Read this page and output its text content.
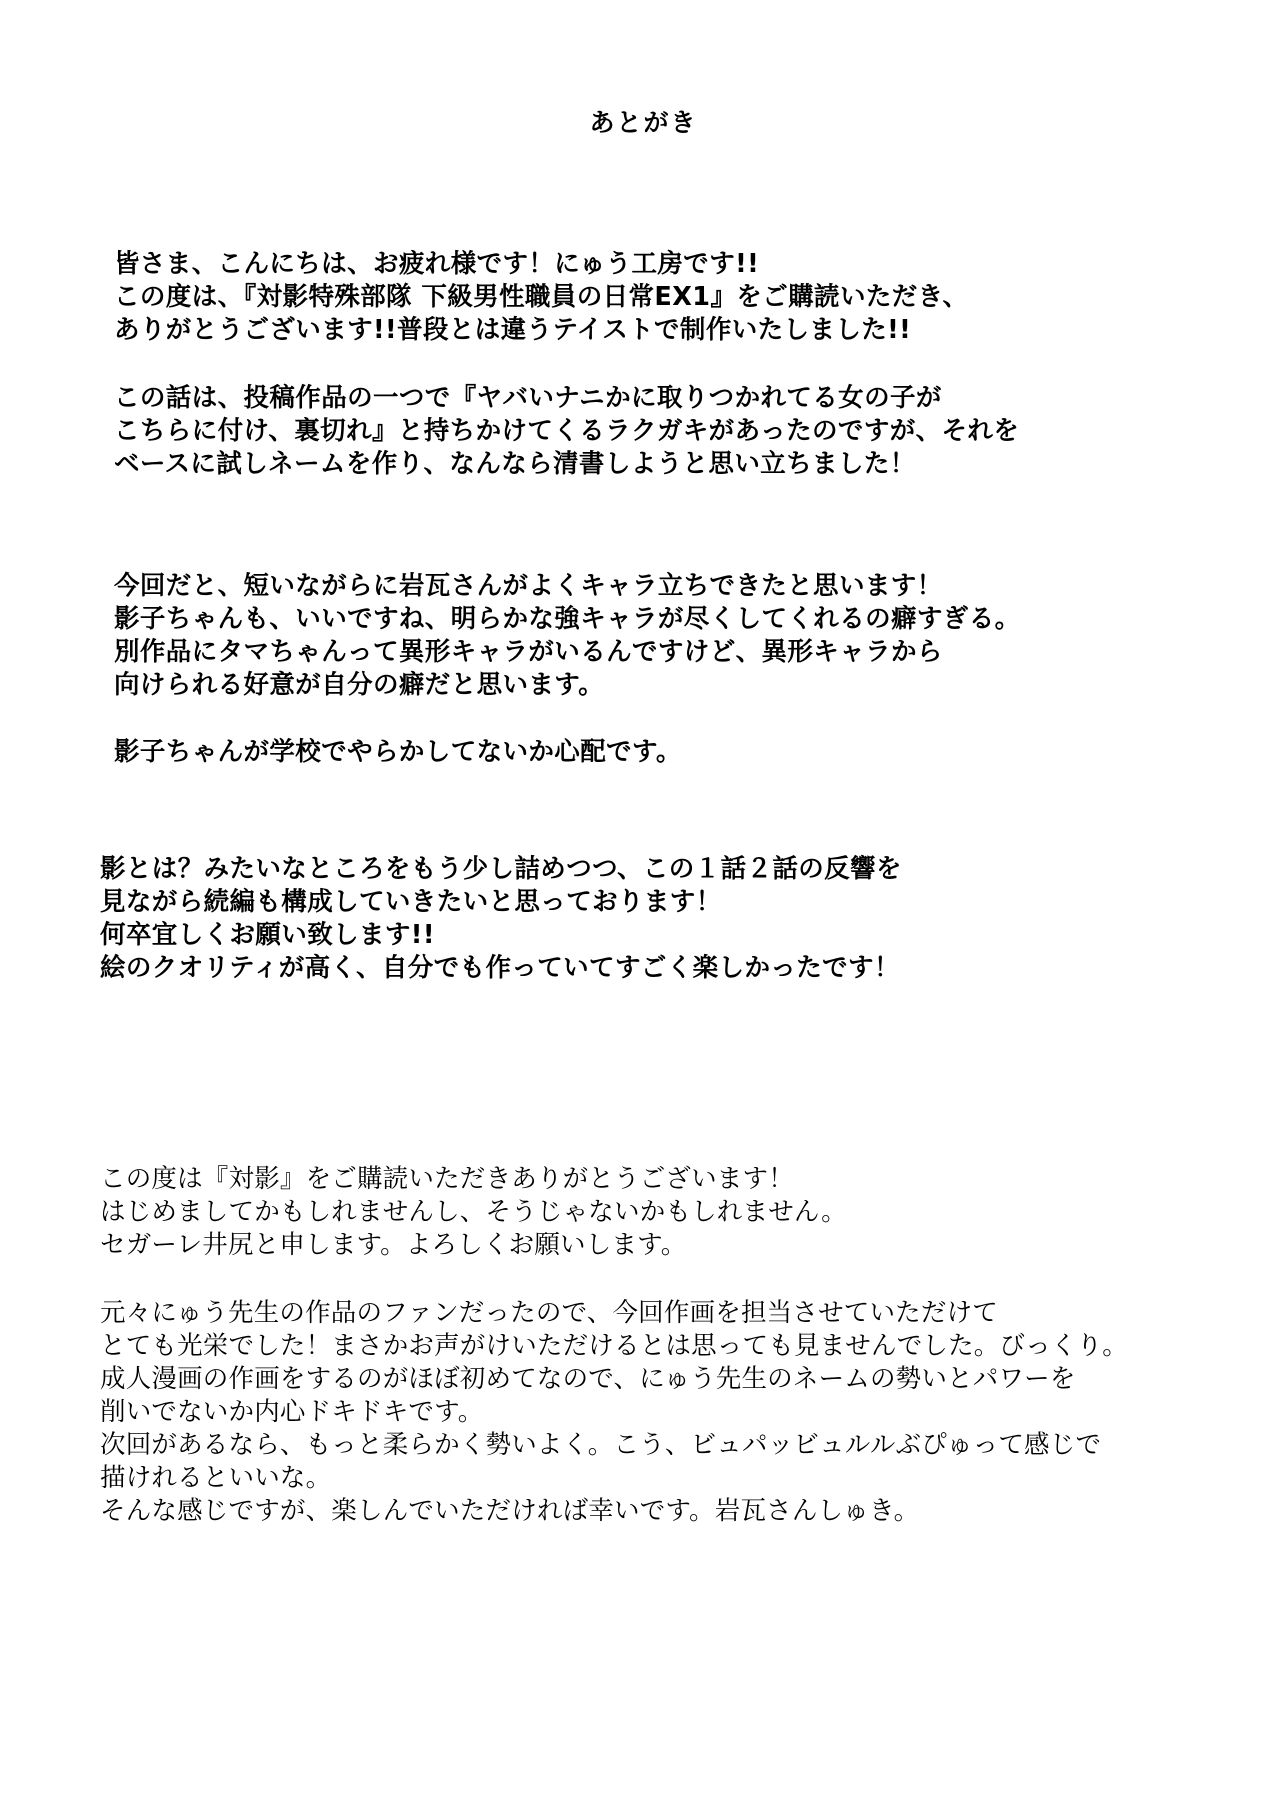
あとがき
皆さま、こんにちは、お疲れ様です！にゅう工房です!!
この度は、『対影特殊部隊 下級男性職員の日常EX1』をご購読いただき、
ありがとうございます!!普段とは違うテイストで制作いたしました!!
この話は、投稿作品の一つで『ヤバいナニかに取りつかれてる女の子が
こちらに付け、裏切れ』と持ちかけてくるラクガキがあったのですが、それを
ベースに試しネームを作り、なんなら清書しようと思い立ちました！
今回だと、短いながらに岩瓦さんがよくキャラ立ちできたと思います！
影子ちゃんも、いいですね、明らかな強キャラが尽くしてくれるの癖すぎる。
別作品にタマちゃんって異形キャラがいるんですけど、異形キャラから
向けられる好意が自分の癖だと思います。
影子ちゃんが学校でやらかしてないか心配です。
影とは？みたいなところをもう少し詰めつつ、この１話２話の反響を
見ながら続編も構成していきたいと思っております！
何卒宜しくお願い致します!!
絵のクオリティが高く、自分でも作っていてすごく楽しかったです！
この度は『対影』をご購読いただきありがとうございます！
はじめましてかもしれませんし、そうじゃないかもしれません。
セガーレ井尻と申します。よろしくお願いします。
元々にゅう先生の作品のファンだったので、今回作画を担当させていただけて
とても光栄でした！まさかお声がけいただけるとは思っても見ませんでした。びっくり。
成人漫画の作画をするのがほぼ初めてなので、にゅう先生のネームの勢いとパワーを
削いでないか内心ドキドキです。
次回があるなら、もっと柔らかく勢いよく。こう、ビュパッビュルルぶぴゅって感じで
描けれるといいな。
そんな感じですが、楽しんでいただければ幸いです。岩瓦さんしゅき。
